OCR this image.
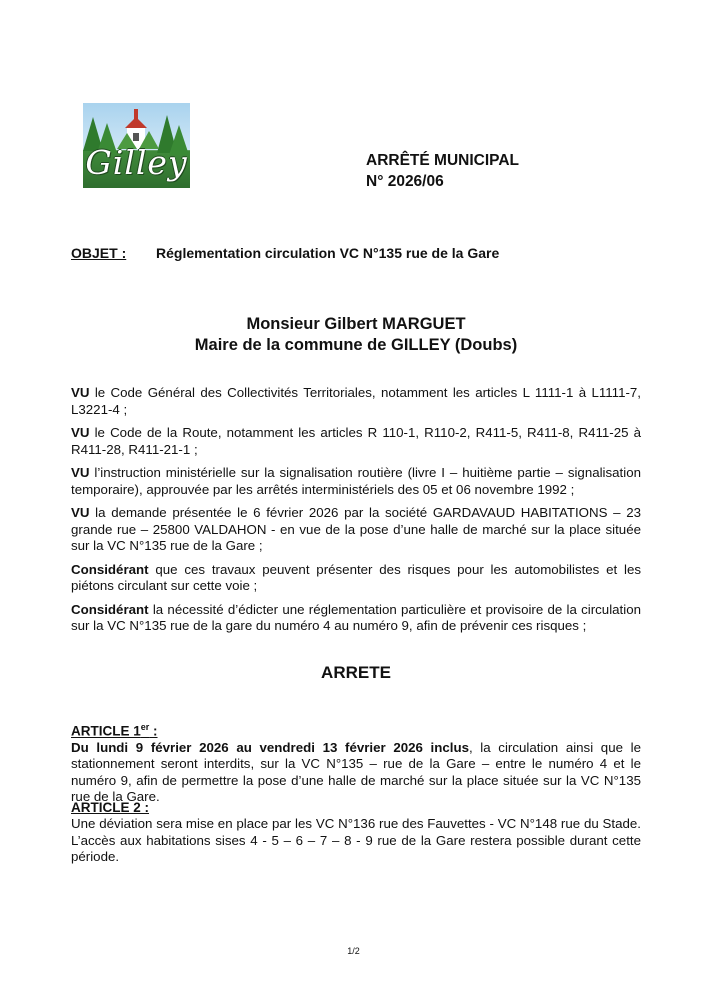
Gilley	ARRÊTÉ MUNICIPAL
N° 2026/06
OBJET : Réglementation circulation VC N°135 rue de la Gare
Monsieur Gilbert MARGUET
Maire de la commune de GILLEY (Doubs)

VU le Code Général des Collectivités Territoriales, notamment les articles L 1111-1 à L1111-7, L3221-4 ;

VU le Code de la Route, notamment les articles R 110-1, R110-2, R411-5, R411-8, R411-25 à R411-28, R411-21-1 ;

VU l’instruction ministérielle sur la signalisation routière (livre I – huitième partie – signalisation temporaire), approuvée par les arrêtés interministériels des 05 et 06 novembre 1992 ;

VU la demande présentée le 6 février 2026 par la société GARDAVAUD HABITATIONS – 23 grande rue – 25800 VALDAHON - en vue de la pose d’une halle de marché sur la place située sur la VC N°135 rue de la Gare ;

Considérant que ces travaux peuvent présenter des risques pour les automobilistes et les piétons circulant sur cette voie ;

Considérant la nécessité d’édicter une réglementation particulière et provisoire de la circulation sur la VC N°135 rue de la gare du numéro 4 au numéro 9, afin de prévenir ces risques ;

ARRETE
ARTICLE 1er :

Du lundi 9 février 2026 au vendredi 13 février 2026 inclus, la circulation ainsi que le stationnement seront interdits, sur la VC N°135 – rue de la Gare – entre le numéro 4 et le numéro 9, afin de permettre la pose d’une halle de marché sur la place située sur la VC N°135 rue de la Gare.

ARTICLE 2 :

Une déviation sera mise en place par les VC N°136 rue des Fauvettes - VC N°148 rue du Stade. L’accès aux habitations sises 4 - 5 – 6 – 7 – 8 - 9 rue de la Gare restera possible durant cette période.

1/2
